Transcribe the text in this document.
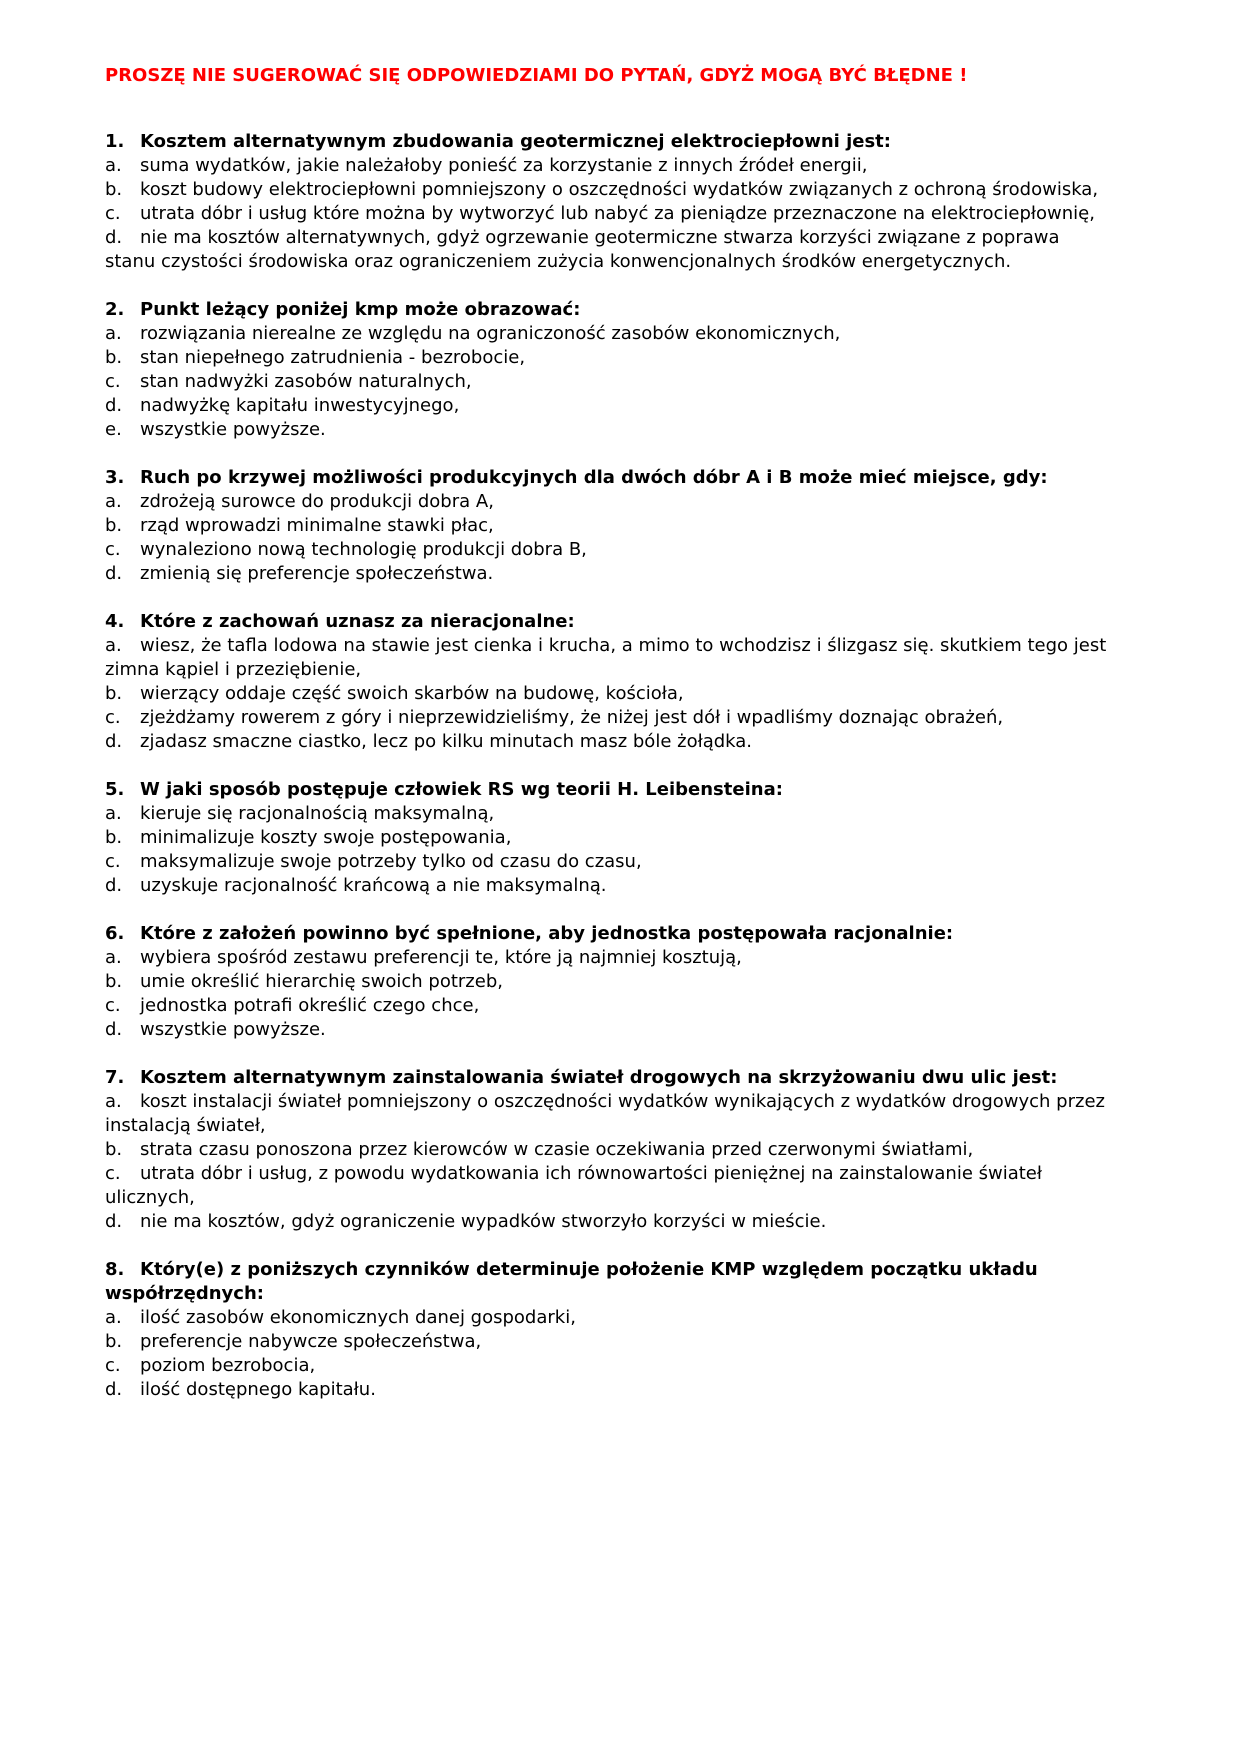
PROSZĘ NIE SUGEROWAĆ SIĘ ODPOWIEDZIAMI DO PYTAŃ, GDYŻ MOGĄ BYĆ BŁĘDNE !

1. Kosztem alternatywnym zbudowania geotermicznej elektrociepłowni jest:

a. suma wydatków, jakie należałoby ponieść za korzystanie z innych źródeł energii,

b. koszt budowy elektrociepłowni pomniejszony o oszczędności wydatków związanych z ochroną środowiska,

c. utrata dóbr i usług które można by wytworzyć lub nabyć za pieniądze przeznaczone na elektrociepłownię,

d. nie ma kosztów alternatywnych, gdyż ogrzewanie geotermiczne stwarza korzyści związane z poprawa stanu czystości środowiska oraz ograniczeniem zużycia konwencjonalnych środków energetycznych.

2. Punkt leżący poniżej kmp może obrazować:

a. rozwiązania nierealne ze względu na ograniczoność zasobów ekonomicznych,

b. stan niepełnego zatrudnienia - bezrobocie,

c. stan nadwyżki zasobów naturalnych,

d. nadwyżkę kapitału inwestycyjnego,

e. wszystkie powyższe.

3. Ruch po krzywej możliwości produkcyjnych dla dwóch dóbr A i B może mieć miejsce, gdy:

a. zdrożeją surowce do produkcji dobra A,

b. rząd wprowadzi minimalne stawki płac,

c. wynaleziono nową technologię produkcji dobra B,

d. zmienią się preferencje społeczeństwa.

4. Które z zachowań uznasz za nieracjonalne:

a. wiesz, że tafla lodowa na stawie jest cienka i krucha, a mimo to wchodzisz i ślizgasz się. skutkiem tego jest zimna kąpiel i przeziębienie,

b. wierzący oddaje część swoich skarbów na budowę, kościoła,

c. zjeżdżamy rowerem z góry i nieprzewidzieliśmy, że niżej jest dół i wpadliśmy doznając obrażeń,

d. zjadasz smaczne ciastko, lecz po kilku minutach masz bóle żołądka.

5. W jaki sposób postępuje człowiek RS wg teorii H. Leibensteina:

a. kieruje się racjonalnością maksymalną,

b. minimalizuje koszty swoje postępowania,

c. maksymalizuje swoje potrzeby tylko od czasu do czasu,

d. uzyskuje racjonalność krańcową a nie maksymalną.

6. Które z założeń powinno być spełnione, aby jednostka postępowała racjonalnie:

a. wybiera spośród zestawu preferencji te, które ją najmniej kosztują,

b. umie określić hierarchię swoich potrzeb,

c. jednostka potrafi określić czego chce,

d. wszystkie powyższe.

7. Kosztem alternatywnym zainstalowania świateł drogowych na skrzyżowaniu dwu ulic jest:

a. koszt instalacji świateł pomniejszony o oszczędności wydatków wynikających z wydatków drogowych przez instalacją świateł,

b. strata czasu ponoszona przez kierowców w czasie oczekiwania przed czerwonymi światłami,

c. utrata dóbr i usług, z powodu wydatkowania ich równowartości pieniężnej na zainstalowanie świateł ulicznych,

d. nie ma kosztów, gdyż ograniczenie wypadków stworzyło korzyści w mieście.

8. Który(e) z poniższych czynników determinuje położenie KMP względem początku układu współrzędnych:

a. ilość zasobów ekonomicznych danej gospodarki,

b. preferencje nabywcze społeczeństwa,

c. poziom bezrobocia,

d. ilość dostępnego kapitału.
